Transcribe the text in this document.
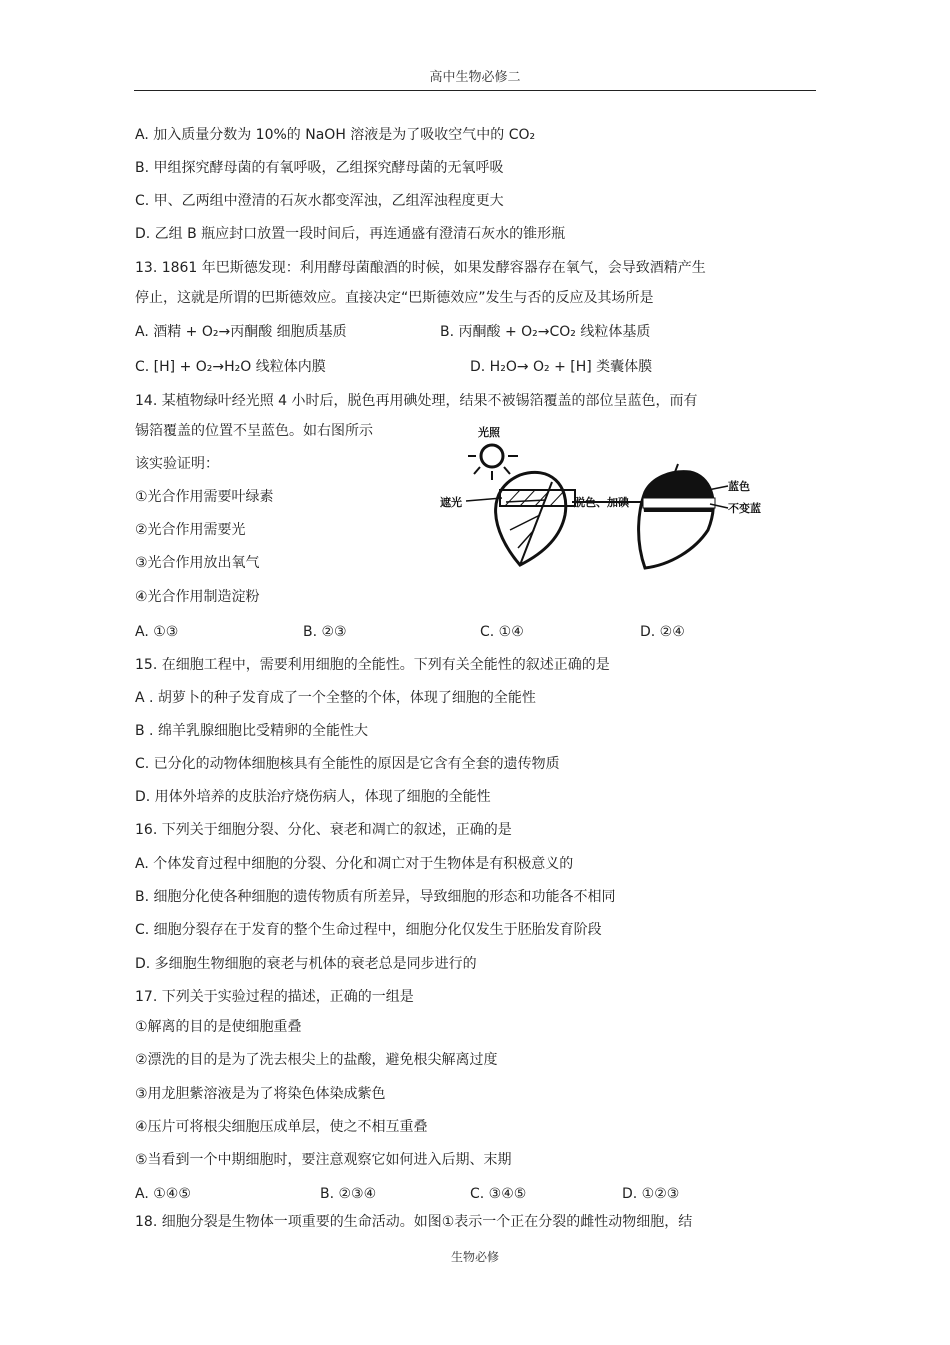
高中生物必修二
A. 加入质量分数为 10%的 NaOH 溶液是为了吸收空气中的 CO₂
B. 甲组探究酵母菌的有氧呼吸，乙组探究酵母菌的无氧呼吸
C. 甲、乙两组中澄清的石灰水都变浑浊，乙组浑浊程度更大
D. 乙组 B 瓶应封口放置一段时间后，再连通盛有澄清石灰水的锥形瓶
13. 1861 年巴斯德发现：利用酵母菌酿酒的时候，如果发酵容器存在氧气，会导致酒精产生
停止，这就是所谓的巴斯德效应。直接决定“巴斯德效应”发生与否的反应及其场所是
A. 酒精 + O₂→丙酮酸 细胞质基质	B. 丙酮酸 + O₂→CO₂ 线粒体基质
C. [H] + O₂→H₂O 线粒体内膜	D. H₂O→ O₂ + [H] 类囊体膜
14. 某植物绿叶经光照 4 小时后，脱色再用碘处理，结果不被锡箔覆盖的部位呈蓝色，而有
锡箔覆盖的位置不呈蓝色。如右图所示
该实验证明：
①光合作用需要叶绿素
②光合作用需要光
③光合作用放出氧气
④光合作用制造淀粉
A. ①③	B. ②③	C. ①④	D. ②④
光照
遮光	脱色、加碘
蓝色
不变蓝
15. 在细胞工程中，需要利用细胞的全能性。下列有关全能性的叙述正确的是
A . 胡萝卜的种子发育成了一个全整的个体，体现了细胞的全能性
B . 绵羊乳腺细胞比受精卵的全能性大
C. 已分化的动物体细胞核具有全能性的原因是它含有全套的遗传物质
D. 用体外培养的皮肤治疗烧伤病人，体现了细胞的全能性
16. 下列关于细胞分裂、分化、衰老和凋亡的叙述，正确的是
A. 个体发育过程中细胞的分裂、分化和凋亡对于生物体是有积极意义的
B. 细胞分化使各种细胞的遗传物质有所差异，导致细胞的形态和功能各不相同
C. 细胞分裂存在于发育的整个生命过程中，细胞分化仅发生于胚胎发育阶段
D. 多细胞生物细胞的衰老与机体的衰老总是同步进行的
17. 下列关于实验过程的描述，正确的一组是
①解离的目的是使细胞重叠
②漂洗的目的是为了洗去根尖上的盐酸，避免根尖解离过度
③用龙胆紫溶液是为了将染色体染成紫色
④压片可将根尖细胞压成单层，使之不相互重叠
⑤当看到一个中期细胞时，要注意观察它如何进入后期、末期
A. ①④⑤	B. ②③④	C. ③④⑤	D. ①②③
18. 细胞分裂是生物体一项重要的生命活动。如图①表示一个正在分裂的雌性动物细胞，结
生物必修
